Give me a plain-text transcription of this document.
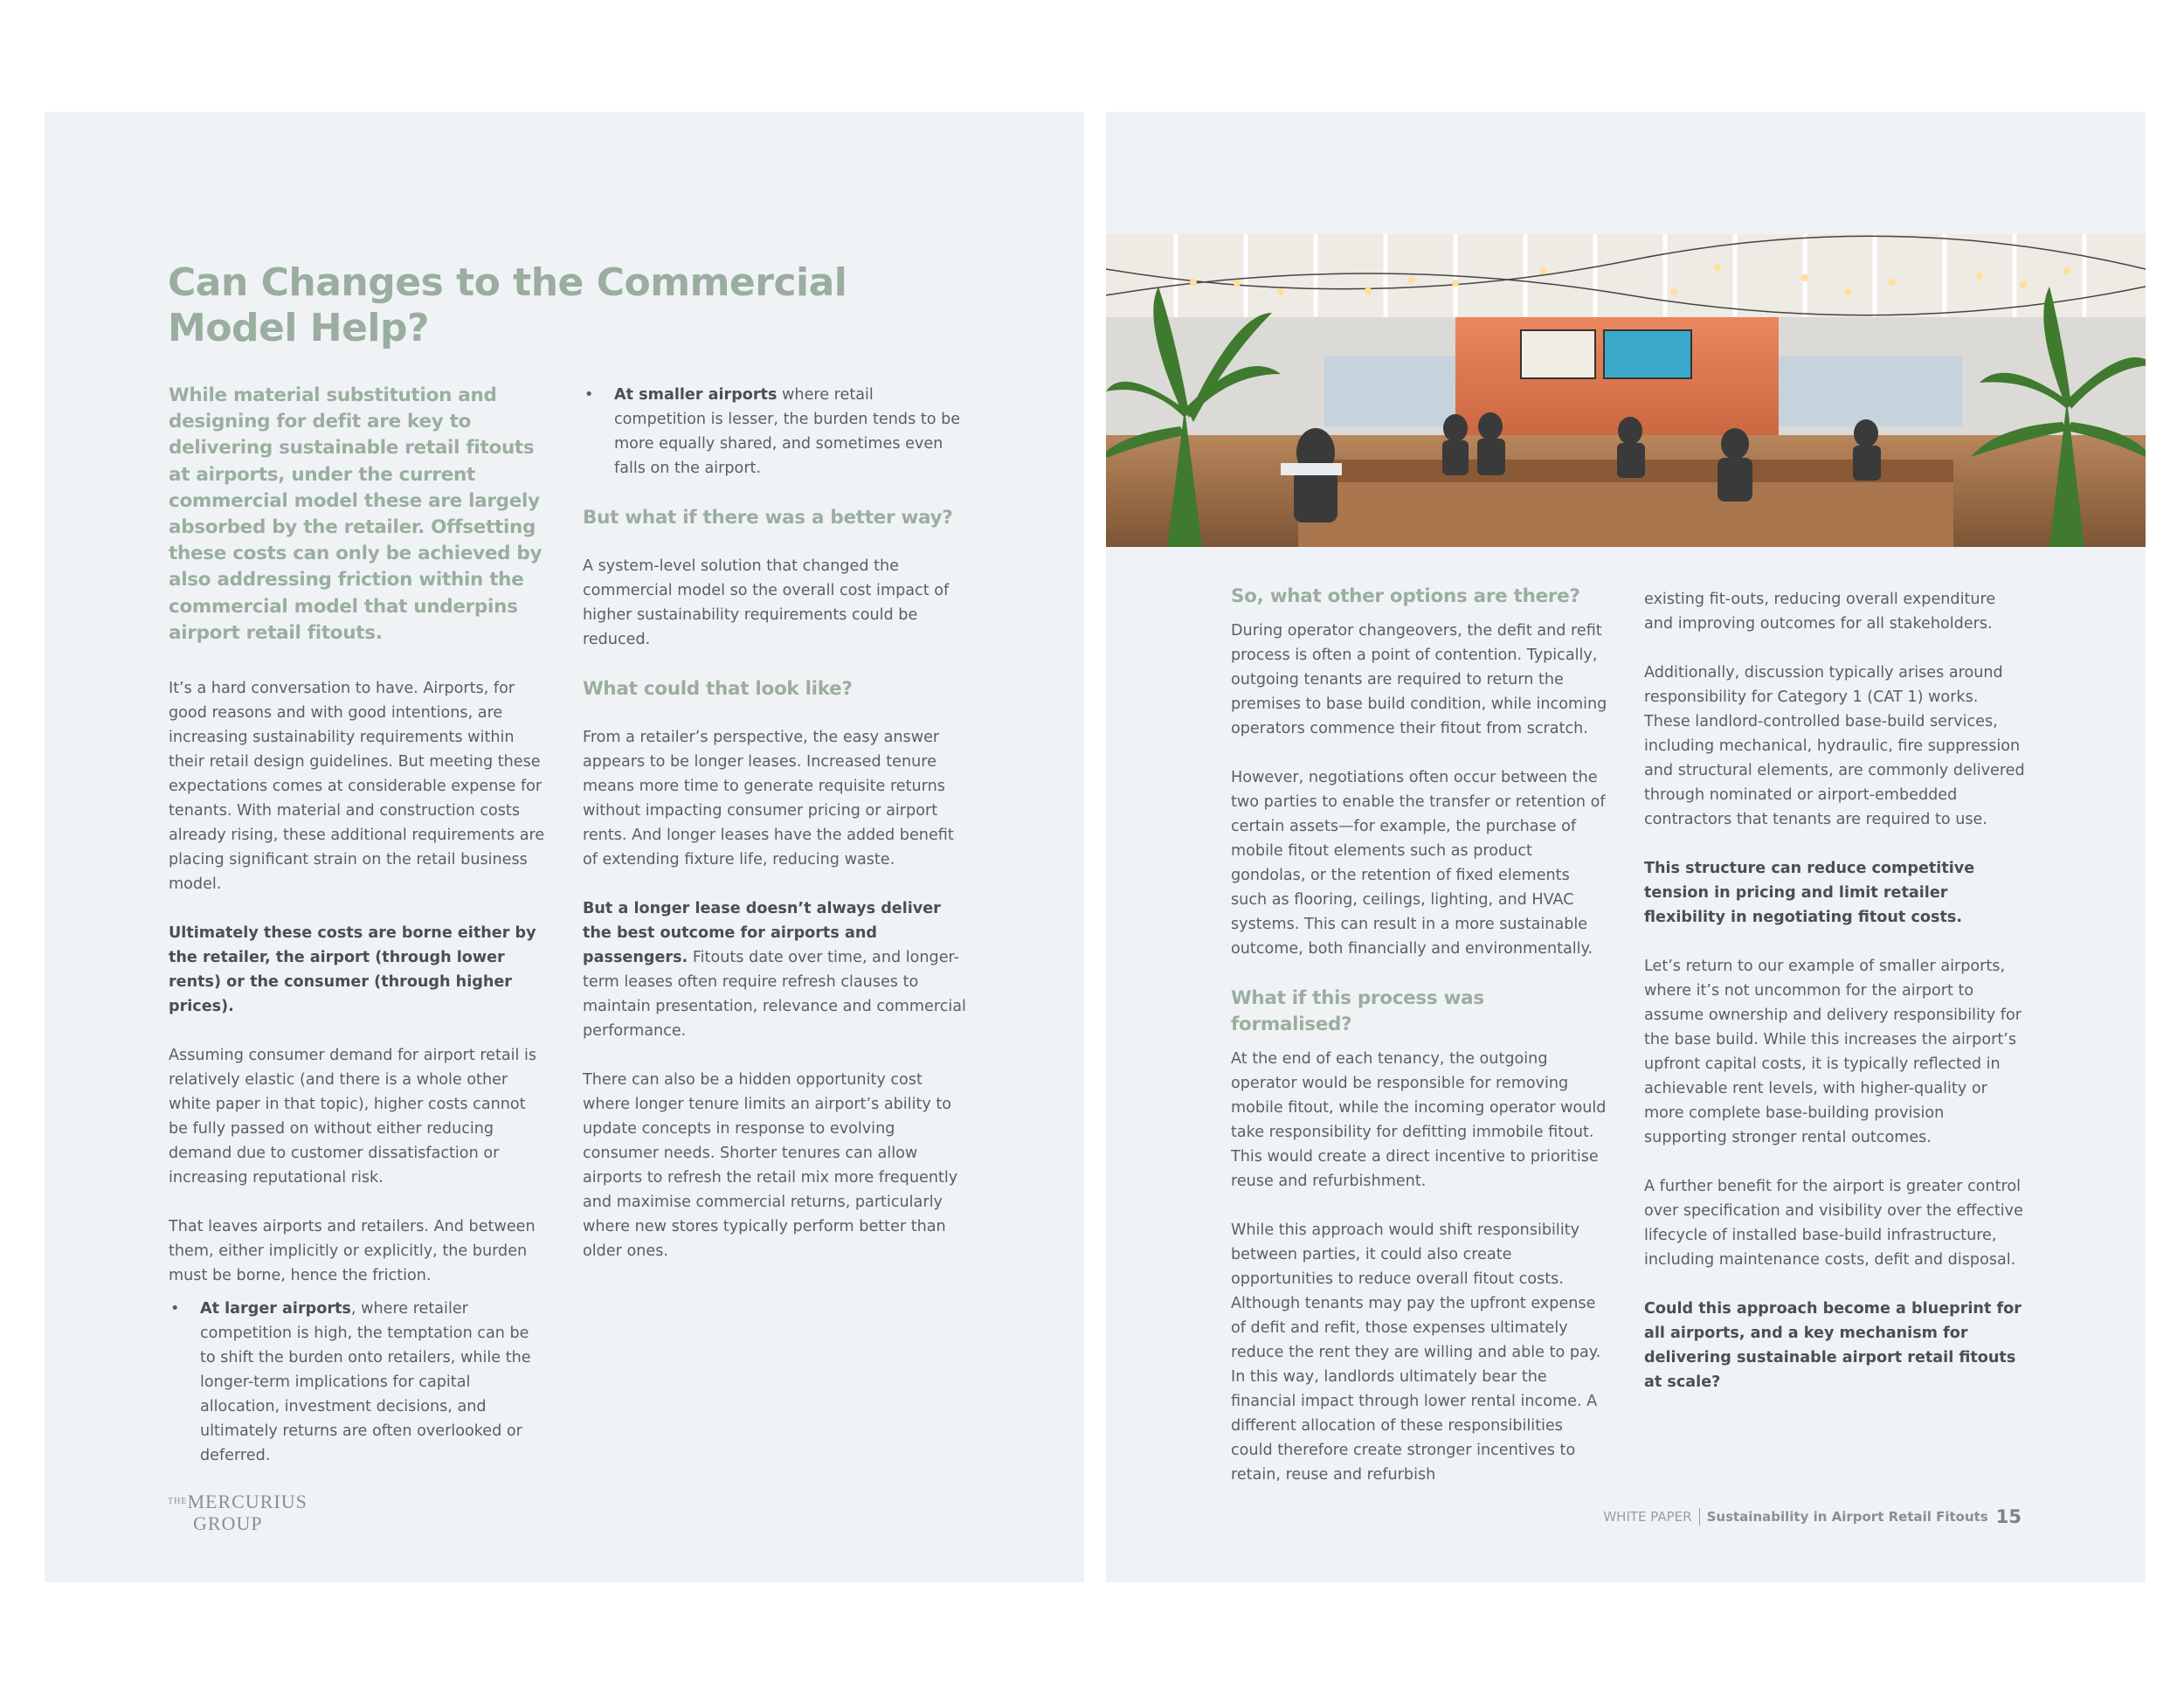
Can Changes to the Commercial Model Help?

While material substitution and designing for defit are key to delivering sustainable retail fitouts at airports, under the current commercial model these are largely absorbed by the retailer. Offsetting these costs can only be achieved by also addressing friction within the commercial model that underpins airport retail fitouts.

It’s a hard conversation to have. Airports, for good reasons and with good intentions, are increasing sustainability requirements within their retail design guidelines. But meeting these expectations comes at considerable expense for tenants. With material and construction costs already rising, these additional requirements are placing significant strain on the retail business model.

Ultimately these costs are borne either by the retailer, the airport (through lower rents) or the consumer (through higher prices).

Assuming consumer demand for airport retail is relatively elastic (and there is a whole other white paper in that topic), higher costs cannot be fully passed on without either reducing demand due to customer dissatisfaction or increasing reputational risk.

That leaves airports and retailers. And between them, either implicitly or explicitly, the burden must be borne, hence the friction.

• At larger airports, where retailer competition is high, the temptation can be to shift the burden onto retailers, while the longer-term implications for capital allocation, investment decisions, and ultimately returns are often overlooked or deferred.
• At smaller airports where retail competition is lesser, the burden tends to be more equally shared, and sometimes even falls on the airport.
But what if there was a better way?

A system-level solution that changed the commercial model so the overall cost impact of higher sustainability requirements could be reduced.

What could that look like?

From a retailer’s perspective, the easy answer appears to be longer leases. Increased tenure means more time to generate requisite returns without impacting consumer pricing or airport rents. And longer leases have the added benefit of extending fixture life, reducing waste.

But a longer lease doesn’t always deliver the best outcome for airports and passengers. Fitouts date over time, and longer-term leases often require refresh clauses to maintain presentation, relevance and commercial performance.

There can also be a hidden opportunity cost where longer tenure limits an airport’s ability to update concepts in response to evolving consumer needs. Shorter tenures can allow airports to refresh the retail mix more frequently and maximise commercial returns, particularly where new stores typically perform better than older ones.

$^{THE}$MERCURIUS
GROUP
So, what other options are there?

During operator changeovers, the defit and refit process is often a point of contention. Typically, outgoing tenants are required to return the premises to base build condition, while incoming operators commence their fitout from scratch.

However, negotiations often occur between the two parties to enable the transfer or retention of certain assets—for example, the purchase of mobile fitout elements such as product gondolas, or the retention of fixed elements such as flooring, ceilings, lighting, and HVAC systems. This can result in a more sustainable outcome, both financially and environmentally.

What if this process was formalised?

At the end of each tenancy, the outgoing operator would be responsible for removing mobile fitout, while the incoming operator would take responsibility for defitting immobile fitout. This would create a direct incentive to prioritise reuse and refurbishment.

While this approach would shift responsibility between parties, it could also create opportunities to reduce overall fitout costs. Although tenants may pay the upfront expense of defit and refit, those expenses ultimately reduce the rent they are willing and able to pay. In this way, landlords ultimately bear the financial impact through lower rental income. A different allocation of these responsibilities could therefore create stronger incentives to retain, reuse and refurbish

existing fit-outs, reducing overall expenditure and improving outcomes for all stakeholders.

Additionally, discussion typically arises around responsibility for Category 1 (CAT 1) works. These landlord-controlled base-build services, including mechanical, hydraulic, fire suppression and structural elements, are commonly delivered through nominated or airport-embedded contractors that tenants are required to use.

This structure can reduce competitive tension in pricing and limit retailer flexibility in negotiating fitout costs.

Let’s return to our example of smaller airports, where it’s not uncommon for the airport to assume ownership and delivery responsibility for the base build. While this increases the airport’s upfront capital costs, it is typically reflected in achievable rent levels, with higher-quality or more complete base-building provision supporting stronger rental outcomes.

A further benefit for the airport is greater control over specification and visibility over the effective lifecycle of installed base-build infrastructure, including maintenance costs, defit and disposal.

Could this approach become a blueprint for all airports, and a key mechanism for delivering sustainable airport retail fitouts at scale?

WHITE PAPER Sustainability in Airport Retail Fitouts 15
